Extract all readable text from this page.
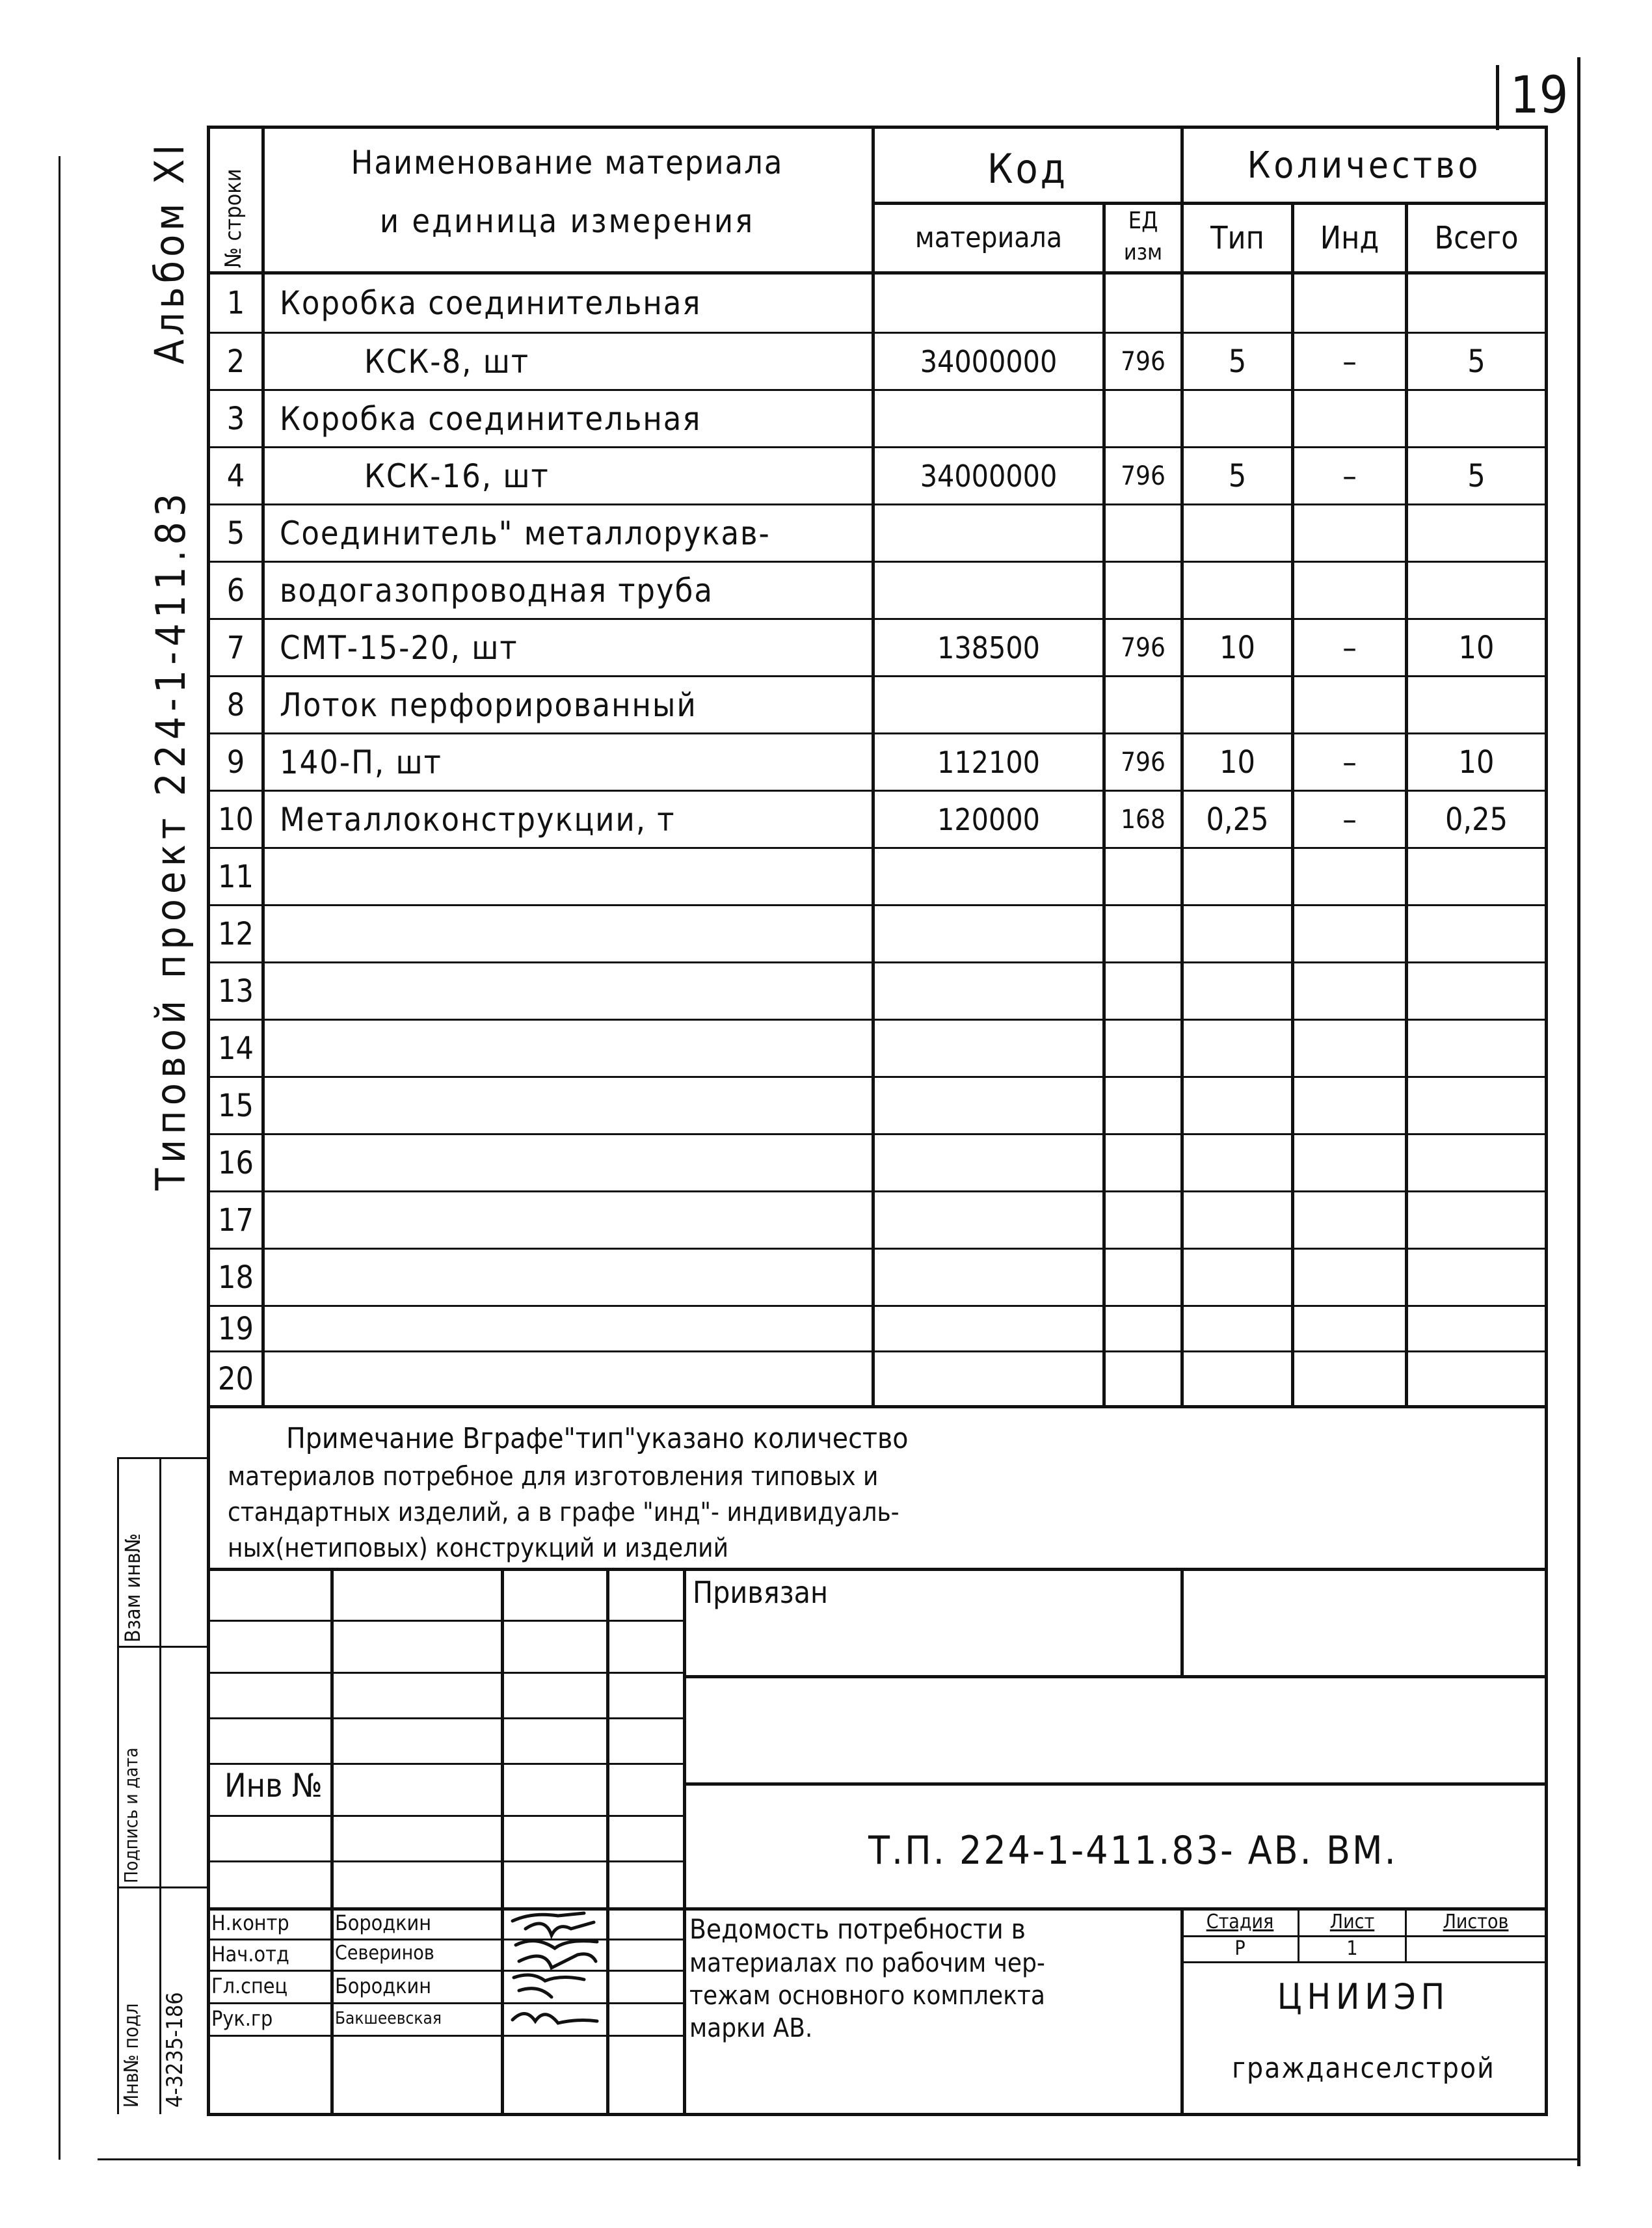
19
№ строки
Наименование материала
и единица измерения
Код
материала
ЕД
изм
Количество
Тип	Инд	Всего
1	Коробка соединительная
2	КСК-8, шт	34000000	796	5	–	5
3	Коробка соединительная
4	КСК-16, шт	34000000	796	5	–	5
5	Соединитель" металлорукав-
6	водогазопроводная труба
7	СМТ-15-20, шт	138500	796	10	–	10
8	Лоток перфорированный
9	140-П, шт	112100	796	10	–	10
10 Металлоконструкции, т	120000	168	0,25	–	0,25
11
12
13
14
15
16
17
18
19
20
Примечание Вграфе"тип"указано количество
материалов потребное для изготовления типовых и
стандартных изделий, а в графе "инд"- индивидуаль-
ных(нетиповых) конструкций и изделий
Привязан
Инв №
Т.П. 224-1-411.83- АВ. ВМ.
Н.контр Бородкин
Нач.отд Северинов
Гл.спец Бородкин
Рук.гр	Бакшеевская
Ведомость потребности в
материалах по рабочим чер-
тежам основного комплекта
марки АВ.
Стадия	Лист	Листов
Р	1
ЦНИИЭП
гражданселстрой
Альбом XI
Типовой проект 224-1-411.83
Взам инв№
Подпись и дата
Инв№ подл 4-3235-186
